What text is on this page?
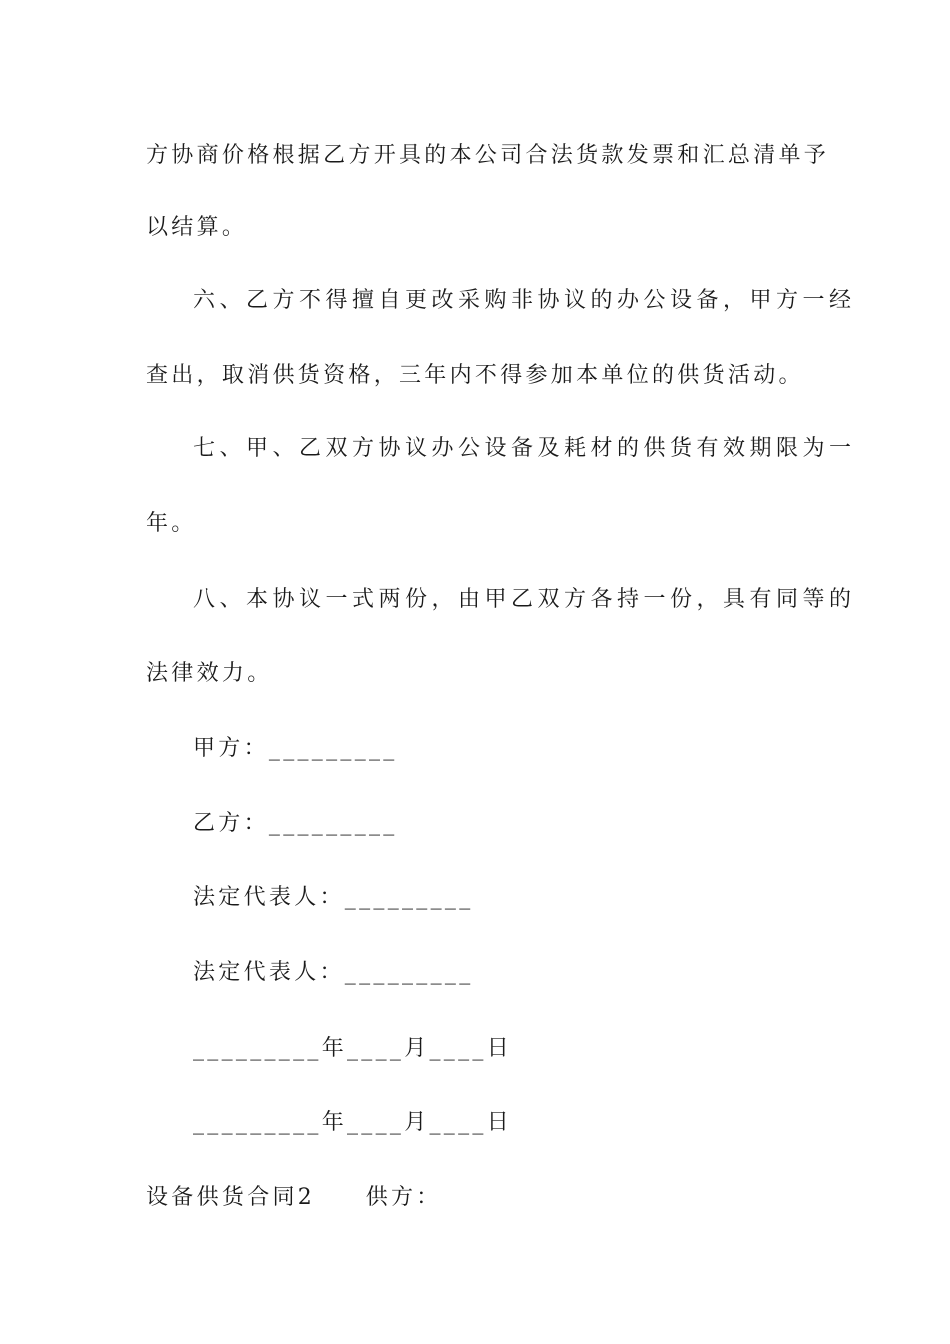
方协商价格根据乙方开具的本公司合法货款发票和汇总清单予
以结算。
六、乙方不得擅自更改采购非协议的办公设备，甲方一经
查出，取消供货资格，三年内不得参加本单位的供货活动。
七、甲、乙双方协议办公设备及耗材的供货有效期限为一
年。
八、本协议一式两份，由甲乙双方各持一份，具有同等的
法律效力。
甲方：_________
乙方：_________
法定代表人：_________
法定代表人：_________
_________年____月____日
_________年____月____日
设备供货合同2　　供方：
